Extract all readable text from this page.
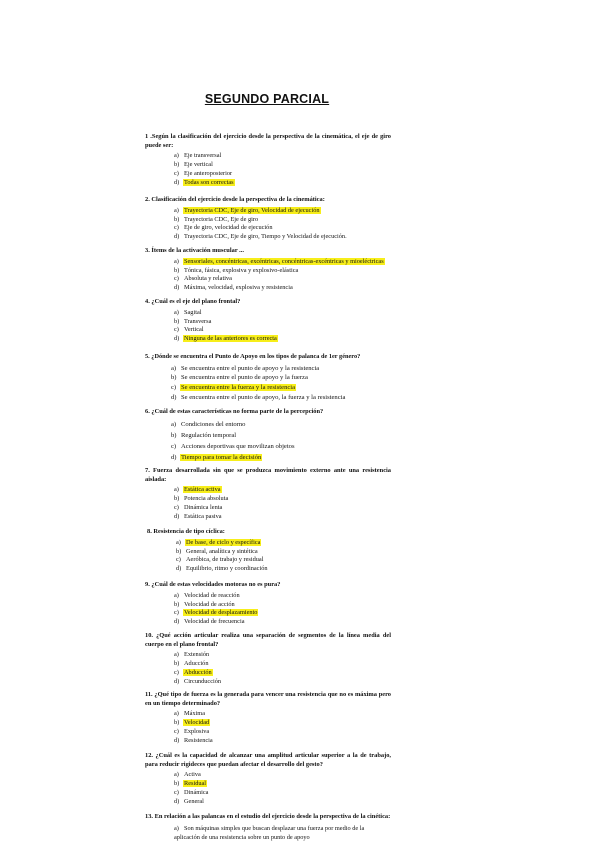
SEGUNDO PARCIAL

1 .Según la clasificación del ejercicio desde la perspectiva de la cinemática, el eje de giro puede ser:

a) Eje transversal
b) Eje vertical
c) Eje anteroposterior
d) Todas son correctas

2. Clasificación del ejercicio desde la perspectiva de la cinemática:

a) Trayectoria CDC, Eje de giro, Velocidad de ejecución
b) Trayectoria CDC, Eje de giro
c) Eje de giro, velocidad de ejecución
d) Trayectoria CDC, Eje de giro, Tiempo y Velocidad de ejecución.

3. Ítems de la activación muscular ...

a) Sensoriales, concéntricas, excéntricas, concéntricas-excéntricas y mioeléctricas
b) Tónica, fásica, explosiva y explosivo-elástica
c) Absoluta y relativa
d) Máxima, velocidad, explosiva y resistencia

4. ¿Cuál es el eje del plano frontal?

a) Sagital
b) Transversa
c) Vertical
d) Ninguna de las anteriores es correcta

5. ¿Dónde se encuentra el Punto de Apoyo en los tipos de palanca de 1er género?

a) Se encuentra entre el punto de apoyo y la resistencia
b) Se encuentra entre el punto de apoyo y la fuerza
c) Se encuentra entre la fuerza y la resistencia
d) Se encuentra entre el punto de apoyo, la fuerza y la resistencia

6. ¿Cuál de estas características no forma parte de la percepción?

a) Condiciones del entorno
b) Regulación temporal
c) Acciones deportivas que movilizan objetos
d) Tiempo para tomar la decisión

7. Fuerza desarrollada sin que se produzca movimiento externo ante una resistencia aislada:

a) Estática activa
b) Potencia absoluta
c) Dinámica lenta
d) Estática pasiva

8. Resistencia de tipo cíclica:

a) De base, de ciclo y específica
b) General, analítica y sintética
c) Aeróbica, de trabajo y residual
d) Equilibrio, ritmo y coordinación

9. ¿Cuál de estas velocidades motoras no es pura?

a) Velocidad de reacción
b) Velocidad de acción
c) Velocidad de desplazamiento
d) Velocidad de frecuencia

10. ¿Qué acción articular realiza una separación de segmentos de la línea media del cuerpo en el plano frontal?

a) Extensión
b) Aducción
c) Abducción
d) Circunducción

11. ¿Qué tipo de fuerza es la generada para vencer una resistencia que no es máxima pero en un tiempo determinado?

a) Máxima
b) Velocidad
c) Explosiva
d) Resistencia

12. ¿Cuál es la capacidad de alcanzar una amplitud articular superior a la de trabajo, para reducir rigideces que puedan afectar el desarrollo del gesto?

a) Activa
b) Residual
c) Dinámica
d) General

13. En relación a las palancas en el estudio del ejercicio desde la perspectiva de la cinética:

a) Son máquinas simples que buscan desplazar una fuerza por medio de la aplicación de una resistencia sobre un punto de apoyo
